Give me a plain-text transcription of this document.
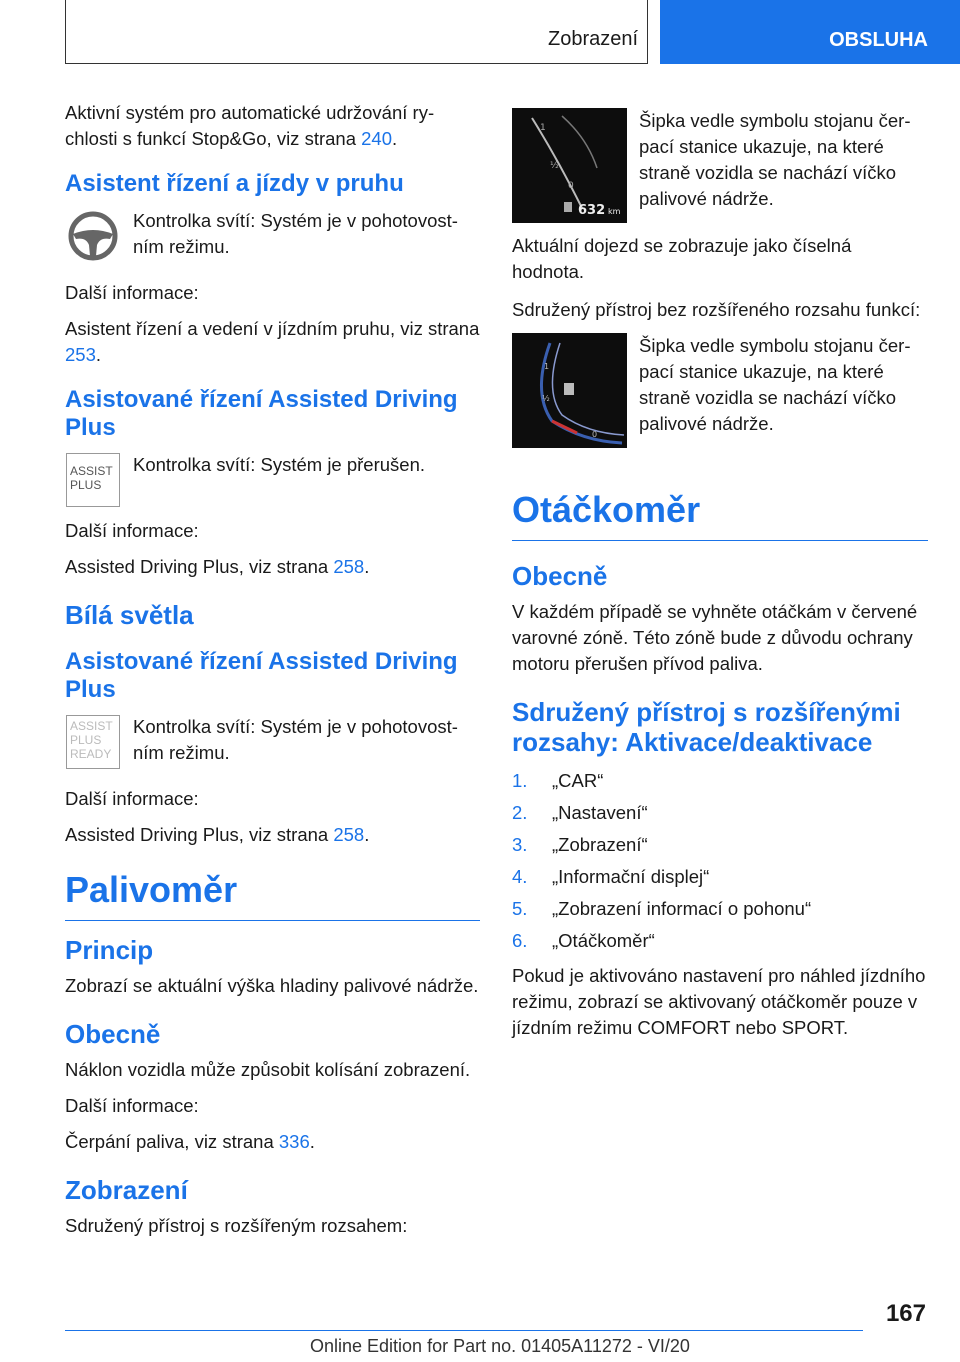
Zobrazení	OBSLUHA

Aktivní systém pro automatické udržování rychlosti s funkcí Stop&Go, viz strana 240.

Asistent řízení a jízdy v pruhu

Kontrolka svítí: Systém je v pohotovostním režimu.

Další informace:

Asistent řízení a vedení v jízdním pruhu, viz strana 253.

Asistované řízení Assisted Driving Plus
ASSIST PLUS

Kontrolka svítí: Systém je přerušen.

Další informace:

Assisted Driving Plus, viz strana 258.

Bílá světla
Asistované řízení Assisted Driving Plus
ASSIST PLUS READY

Kontrolka svítí: Systém je v pohotovostním režimu.

Další informace:

Assisted Driving Plus, viz strana 258.

Palivoměr
Princip

Zobrazí se aktuální výška hladiny palivové nádrže.

Obecně

Náklon vozidla může způsobit kolísání zobrazení.

Další informace:

Čerpání paliva, viz strana 336.

Zobrazení

Sdružený přístroj s rozšířeným rozsahem:

1
½
0
632 km

Šipka vedle symbolu stojanu čerpací stanice ukazuje, na které straně vozidla se nachází víčko palivové nádrže.

Aktuální dojezd se zobrazuje jako číselná hodnota.

Sdružený přístroj bez rozšířeného rozsahu funkcí:

1
½
0

Šipka vedle symbolu stojanu čerpací stanice ukazuje, na které straně vozidla se nachází víčko palivové nádrže.

Otáčkoměr
Obecně

V každém případě se vyhněte otáčkám v červené varovné zóně. Této zóně bude z důvodu ochrany motoru přerušen přívod paliva.

Sdružený přístroj s rozšířenými rozsahy: Aktivace/deaktivace
1.	„CAR“
2.	„Nastavení“
3.	„Zobrazení“
4.	„Informační displej“
5.	„Zobrazení informací o pohonu“
6.	„Otáčkoměr“

Pokud je aktivováno nastavení pro náhled jízdního režimu, zobrazí se aktivovaný otáčkoměr pouze v jízdním režimu COMFORT nebo SPORT.

167
Online Edition for Part no. 01405A11272 - VI/20
